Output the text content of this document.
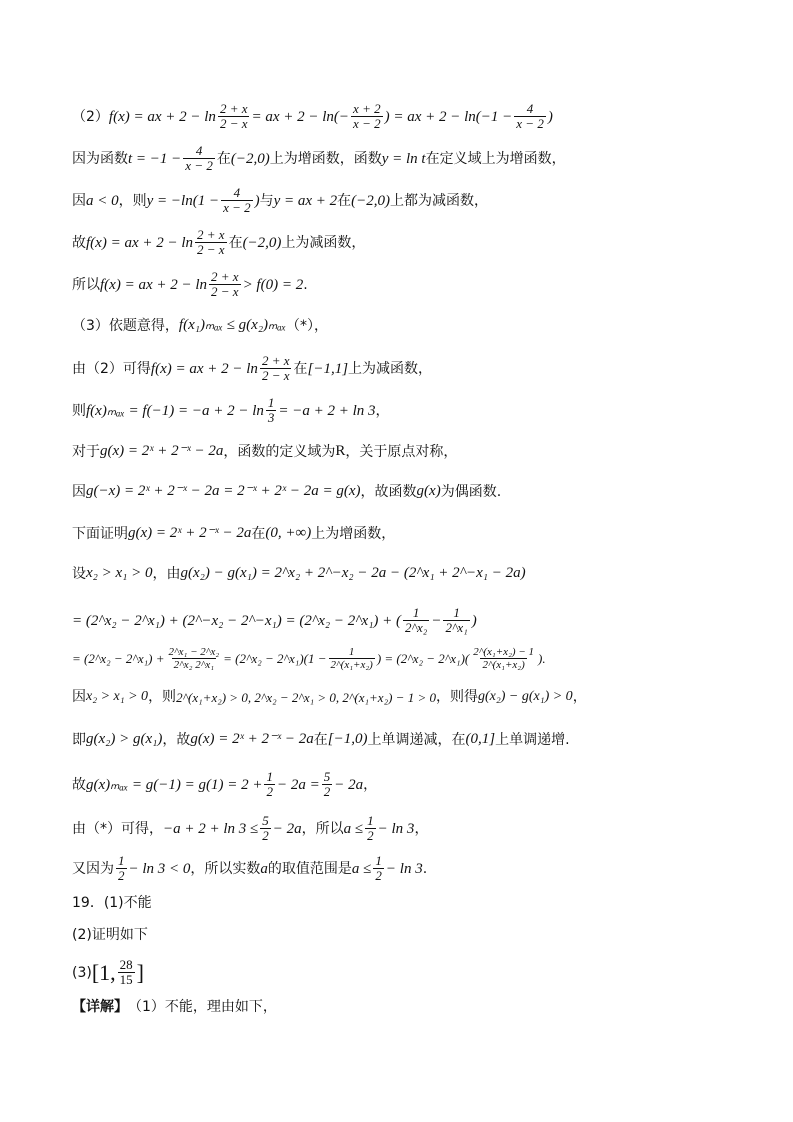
（2） f(x) = ax + $2 - \ln \frac{2 + x}{2 - x}$ = ax + $2 - \ln(- \frac{x + 2}{x - 2}$ ) = ax + $2 - \ln(-1 - \frac{4}{x - 2}$ )
因为函数 $t = -1 - \frac{4}{x - 2}$ 在 (−2,0) 上为增函数，函数 y = ln t 在定义域上为增函数，
因 a < 0 ，则 $y = -\ln(1 - \frac{4}{x - 2}$ ) 与 y = ax + 2 在 (−2,0) 上都为减函数，
故 f(x) = ax + $2 - \ln \frac{2 + x}{2 - x}$ 在 (−2,0) 上为减函数，
所以 f(x) = ax + $2 - \ln \frac{2 + x}{2 - x} > f(0) = 2$ .
（3）依题意得， f(x₁)ₘₐₓ ≤ g(x₂)ₘₐₓ （*），
由（2）可得 f(x) = ax + $2 - \ln \frac{2 + x}{2 - x}$ 在 [−1,1] 上为减函数，
则 $f(x)_{max} = f(-1) = -a + 2 - \ln \frac{1}{3} = -a + 2 + \ln 3$ ，
对于 g(x) = 2ˣ + 2⁻ˣ − 2a ，函数的定义域为 R ，关于原点对称，
因 g(−x) = 2ˣ + 2⁻ˣ − 2a = 2⁻ˣ + 2ˣ − 2a = g(x) ，故函数 g(x) 为偶函数.
下面证明 g(x) = 2ˣ + 2⁻ˣ − 2a 在 (0, +∞) 上为增函数，
设 x₂ > x₁ > 0 ，由 g(x₂) − g(x₁) = 2^x₂ + 2^−x₂ − 2a − (2^x₁ + 2^−x₁ − 2a)
= (2^x₂ − 2^x₁) + (2^−x₂ − 2^−x₁) = (2^x₂ − 2^x₁) + ( $\frac{1}{\text{2\textasciicircum{}x₂}} - \frac{1}{\text{2\textasciicircum{}x₁}}$ )
= (2^x₂ − 2^x₁) + $\frac{\text{2\textasciicircum{}x₁ − 2\textasciicircum{}x₂}}{\text{2\textasciicircum{}x₂ 2\textasciicircum{}x₁}}$ = (2^x₂ − 2^x₁)(1 − $\frac{1}{\text{2\textasciicircum{}(x₁+x₂)}}$ ) = (2^x₂ − 2^x₁)( $\frac{\text{2\textasciicircum{}(x₁+x₂) − 1}}{\text{2\textasciicircum{}(x₁+x₂)}}$ ).
因 x₂ > x₁ > 0 ，则 2^(x₁+x₂) > 0, 2^x₂ − 2^x₁ > 0, 2^(x₁+x₂) − 1 > 0 ，则得 g(x₂) − g(x₁) > 0 ，
即 g(x₂) > g(x₁) ，故 g(x) = 2ˣ + 2⁻ˣ − 2a 在 [−1,0) 上单调递减，在 (0,1] 上单调递增.
故 $g(x)_{max} = g(-1) = g(1) = 2 + \frac{1}{2} - 2a = \frac{5}{2} - 2a$ ，
由（*）可得， $-a + 2 + \ln 3 \le \frac{5}{2} - 2a$ ，所以 $a \le \frac{1}{2} - \ln 3$ ，
又因为 $\frac{1}{2} - \ln 3 < 0$ ，所以实数 a 的取值范围是 $a \le \frac{1}{2} - \ln 3$ .
19．(1)不能
(2)证明如下
(3) [1, $\frac{28}{15}$ ]
【详解】 （1）不能，理由如下，
